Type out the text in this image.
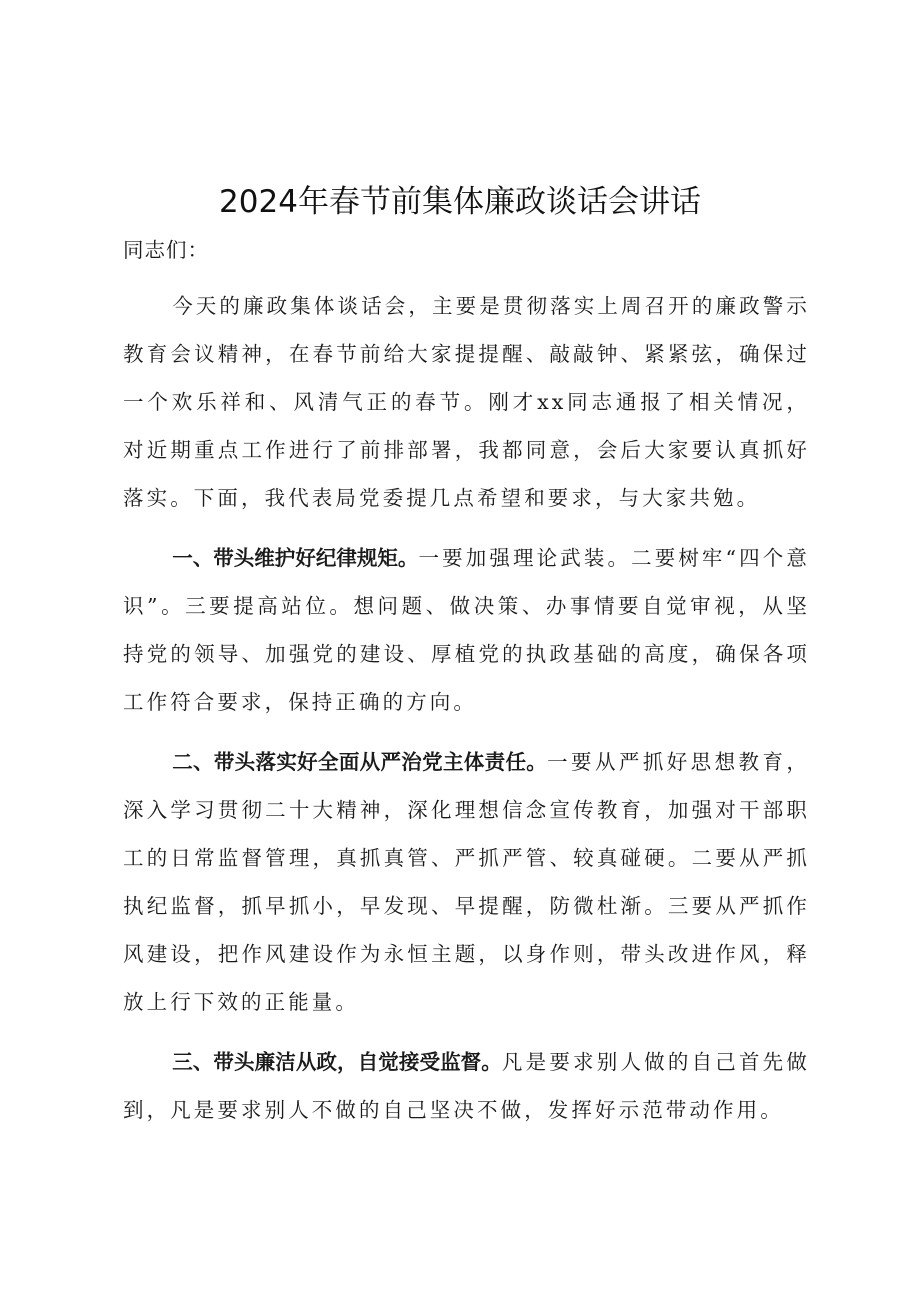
2024年春节前集体廉政谈话会讲话

同志们：

今天的廉政集体谈话会，主要是贯彻落实上周召开的廉政警示教育会议精神，在春节前给大家提提醒、敲敲钟、紧紧弦，确保过一个欢乐祥和、风清气正的春节。刚才xx同志通报了相关情况，对近期重点工作进行了前排部署，我都同意，会后大家要认真抓好落实。下面，我代表局党委提几点希望和要求，与大家共勉。

一、带头维护好纪律规矩。一要加强理论武装。二要树牢“四个意识”。三要提高站位。想问题、做决策、办事情要自觉审视，从坚持党的领导、加强党的建设、厚植党的执政基础的高度，确保各项工作符合要求，保持正确的方向。

二、带头落实好全面从严治党主体责任。一要从严抓好思想教育，深入学习贯彻二十大精神，深化理想信念宣传教育，加强对干部职工的日常监督管理，真抓真管、严抓严管、较真碰硬。二要从严抓执纪监督，抓早抓小，早发现、早提醒，防微杜渐。三要从严抓作风建设，把作风建设作为永恒主题，以身作则，带头改进作风，释放上行下效的正能量。

三、带头廉洁从政，自觉接受监督。凡是要求别人做的自己首先做到，凡是要求别人不做的自己坚决不做，发挥好示范带动作用。
